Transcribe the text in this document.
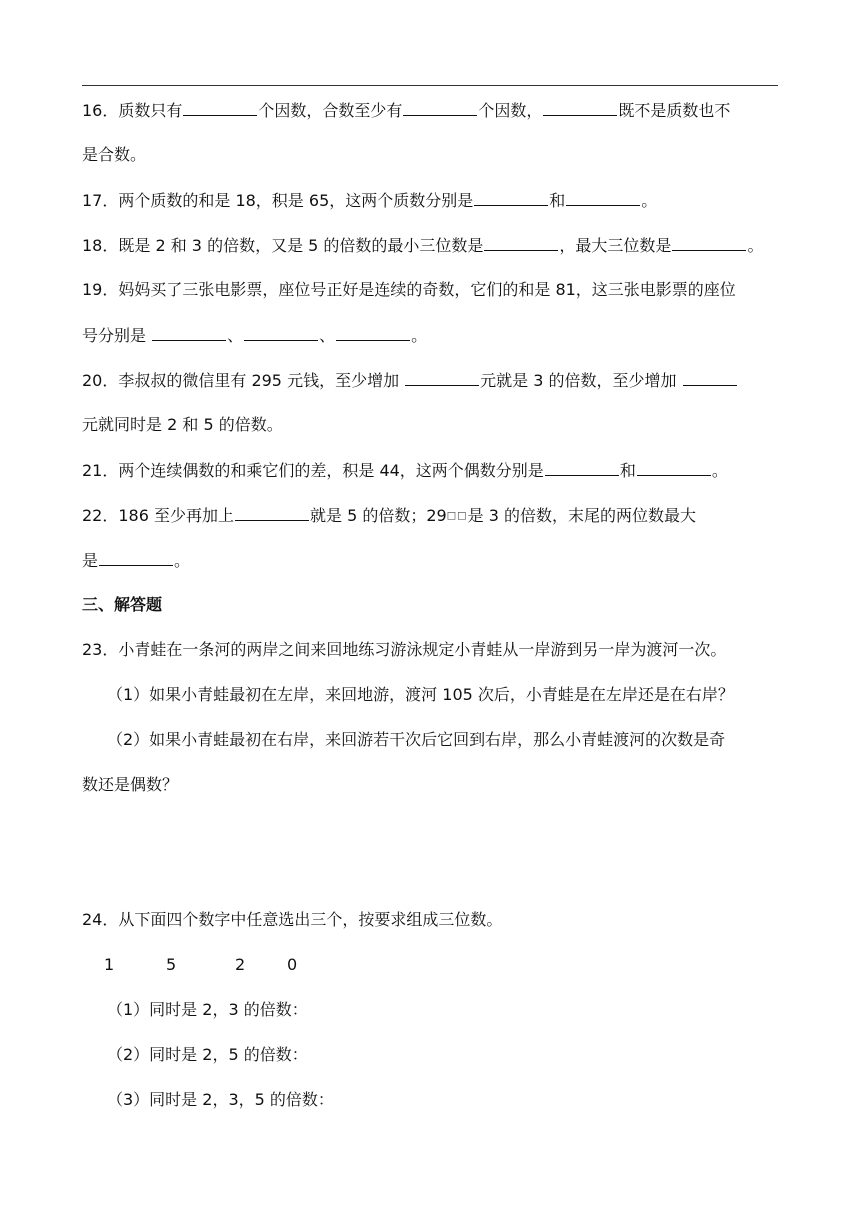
16．质数只有	个因数，合数至少有	个因数，	既不是质数也不
是合数。
17．两个质数的和是 18，积是 65，这两个质数分别是	和	。
18．既是 2 和 3 的倍数，又是 5 的倍数的最小三位数是	，最大三位数是	。
19．妈妈买了三张电影票，座位号正好是连续的奇数，它们的和是 81，这三张电影票的座位
号分别是	、	、	。
20．李叔叔的微信里有 295 元钱，至少增加	元就是 3 的倍数，至少增加
元就同时是 2 和 5 的倍数。
21．两个连续偶数的和乘它们的差，积是 44，这两个偶数分别是	和	。
22．186 至少再加上	就是 5 的倍数；29□□是 3 的倍数，末尾的两位数最大
是	。
三、解答题
23．小青蛙在一条河的两岸之间来回地练习游泳规定小青蛙从一岸游到另一岸为渡河一次。
（1）如果小青蛙最初在左岸，来回地游，渡河 105 次后，小青蛙是在左岸还是在右岸？
（2）如果小青蛙最初在右岸，来回游若干次后它回到右岸，那么小青蛙渡河的次数是奇
数还是偶数？
24．从下面四个数字中任意选出三个，按要求组成三位数。
1	5	2	0
（1）同时是 2，3 的倍数：
（2）同时是 2，5 的倍数：
（3）同时是 2，3，5 的倍数：
